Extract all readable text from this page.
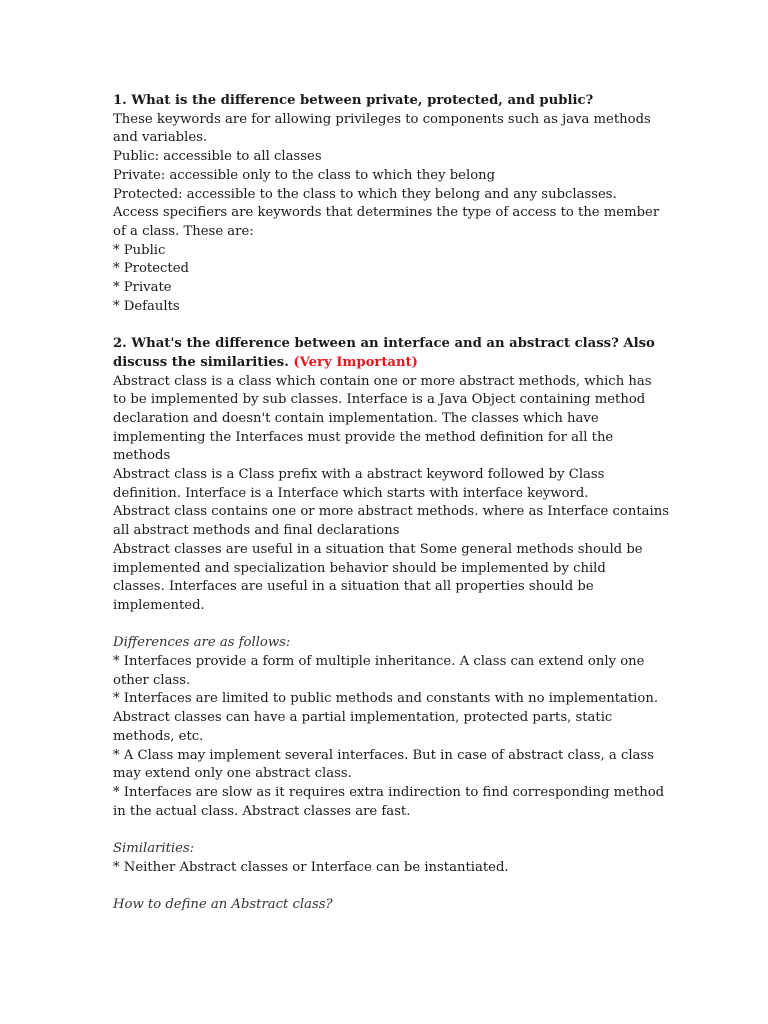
1. What is the difference between private, protected, and public?
These keywords are for allowing privileges to components such as java methods
and variables.
Public: accessible to all classes
Private: accessible only to the class to which they belong
Protected: accessible to the class to which they belong and any subclasses.
Access specifiers are keywords that determines the type of access to the member
of a class. These are:
* Public
* Protected
* Private
* Defaults
2. What's the difference between an interface and an abstract class? Also
discuss the similarities. (Very Important)
Abstract class is a class which contain one or more abstract methods, which has
to be implemented by sub classes. Interface is a Java Object containing method
declaration and doesn't contain implementation. The classes which have
implementing the Interfaces must provide the method definition for all the
methods
Abstract class is a Class prefix with a abstract keyword followed by Class
definition. Interface is a Interface which starts with interface keyword.
Abstract class contains one or more abstract methods. where as Interface contains
all abstract methods and final declarations
Abstract classes are useful in a situation that Some general methods should be
implemented and specialization behavior should be implemented by child
classes. Interfaces are useful in a situation that all properties should be
implemented.
Differences are as follows:
* Interfaces provide a form of multiple inheritance. A class can extend only one
other class.
* Interfaces are limited to public methods and constants with no implementation.
Abstract classes can have a partial implementation, protected parts, static
methods, etc.
* A Class may implement several interfaces. But in case of abstract class, a class
may extend only one abstract class.
* Interfaces are slow as it requires extra indirection to find corresponding method
in the actual class. Abstract classes are fast.
Similarities:
* Neither Abstract classes or Interface can be instantiated.
How to define an Abstract class?
